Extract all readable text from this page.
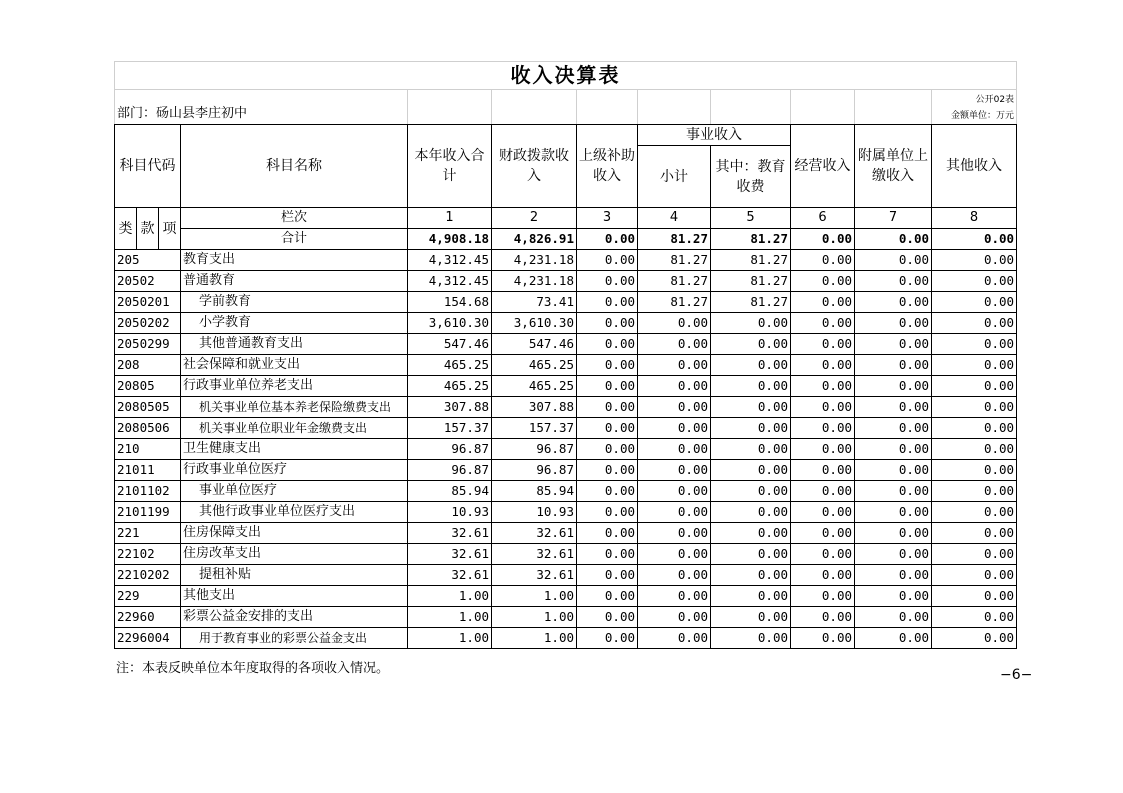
收入决算表											
部门：砀山县李庄初中											公开02表
金额单位：万元

科目代码			科目名称	本年收入合计	财政拨款收入	上级补助收入	事业收入		经营收入	附属单位上缴收入	其他收入
							小计	其中：教育收费			
类	款	项	栏次	1	2	3	4	5	6	7	8
			合计	4,908.18	4,826.91	0.00	81.27	81.27	0.00	0.00	0.00
205			教育支出	4,312.45	4,231.18	0.00	81.27	81.27	0.00	0.00	0.00
20502			普通教育	4,312.45	4,231.18	0.00	81.27	81.27	0.00	0.00	0.00
2050201			学前教育	154.68	73.41	0.00	81.27	81.27	0.00	0.00	0.00
2050202			小学教育	3,610.30	3,610.30	0.00	0.00	0.00	0.00	0.00	0.00
2050299			其他普通教育支出	547.46	547.46	0.00	0.00	0.00	0.00	0.00	0.00
208			社会保障和就业支出	465.25	465.25	0.00	0.00	0.00	0.00	0.00	0.00
20805			行政事业单位养老支出	465.25	465.25	0.00	0.00	0.00	0.00	0.00	0.00
2080505			机关事业单位基本养老保险缴费支出	307.88	307.88	0.00	0.00	0.00	0.00	0.00	0.00
2080506			机关事业单位职业年金缴费支出	157.37	157.37	0.00	0.00	0.00	0.00	0.00	0.00
210			卫生健康支出	96.87	96.87	0.00	0.00	0.00	0.00	0.00	0.00
21011			行政事业单位医疗	96.87	96.87	0.00	0.00	0.00	0.00	0.00	0.00
2101102			事业单位医疗	85.94	85.94	0.00	0.00	0.00	0.00	0.00	0.00
2101199			其他行政事业单位医疗支出	10.93	10.93	0.00	0.00	0.00	0.00	0.00	0.00
221			住房保障支出	32.61	32.61	0.00	0.00	0.00	0.00	0.00	0.00
22102			住房改革支出	32.61	32.61	0.00	0.00	0.00	0.00	0.00	0.00
2210202			提租补贴	32.61	32.61	0.00	0.00	0.00	0.00	0.00	0.00
229			其他支出	1.00	1.00	0.00	0.00	0.00	0.00	0.00	0.00
22960			彩票公益金安排的支出	1.00	1.00	0.00	0.00	0.00	0.00	0.00	0.00
2296004			用于教育事业的彩票公益金支出	1.00	1.00	0.00	0.00	0.00	0.00	0.00	0.00
注：本表反映单位本年度取得的各项收入情况。	−6−
